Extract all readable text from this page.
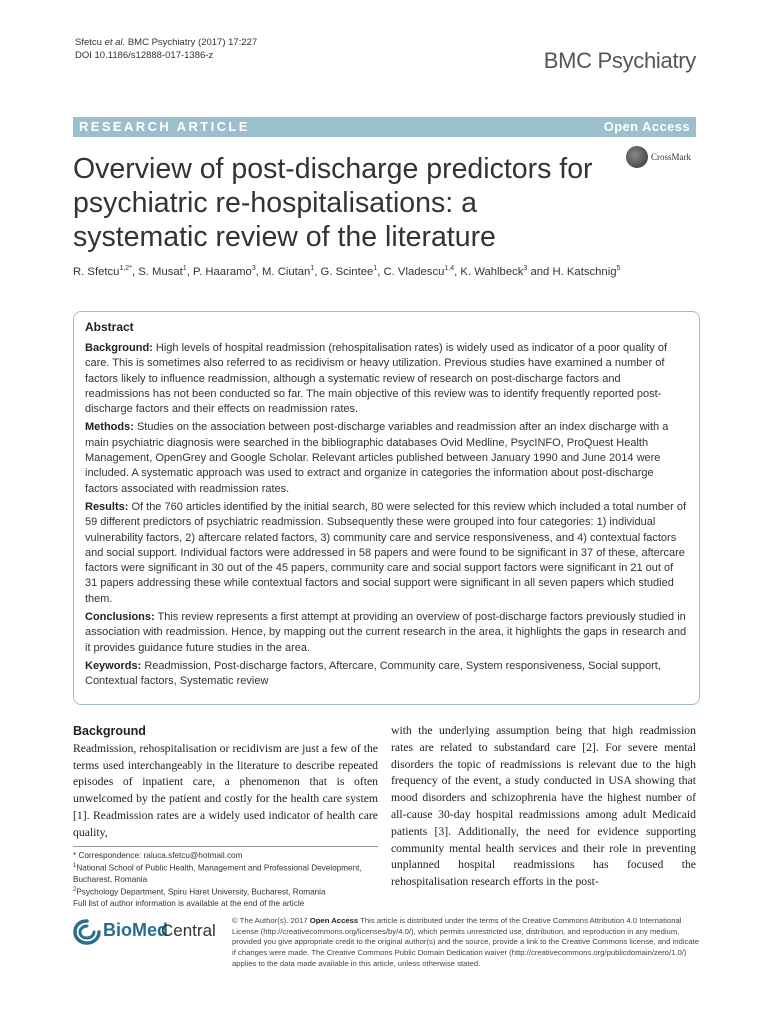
Sfetcu et al. BMC Psychiatry (2017) 17:227
DOI 10.1186/s12888-017-1386-z	BMC Psychiatry
RESEARCH ARTICLE	Open Access
Overview of post-discharge predictors for psychiatric re-hospitalisations: a systematic review of the literature
CrossMark
R. Sfetcu$^{1,2*}$, S. Musat$^1$, P. Haaramo$^3$, M. Ciutan$^1$, G. Scintee$^1$, C. Vladescu$^{1,4}$, K. Wahlbeck$^3$ and H. Katschnig$^5$
Abstract

Background: High levels of hospital readmission (rehospitalisation rates) is widely used as indicator of a poor quality of care. This is sometimes also referred to as recidivism or heavy utilization. Previous studies have examined a number of factors likely to influence readmission, although a systematic review of research on post-discharge factors and readmissions has not been conducted so far. The main objective of this review was to identify frequently reported post-discharge factors and their effects on readmission rates.

Methods: Studies on the association between post-discharge variables and readmission after an index discharge with a main psychiatric diagnosis were searched in the bibliographic databases Ovid Medline, PsycINFO, ProQuest Health Management, OpenGrey and Google Scholar. Relevant articles published between January 1990 and June 2014 were included. A systematic approach was used to extract and organize in categories the information about post-discharge factors associated with readmission rates.

Results: Of the 760 articles identified by the initial search, 80 were selected for this review which included a total number of 59 different predictors of psychiatric readmission. Subsequently these were grouped into four categories: 1) individual vulnerability factors, 2) aftercare related factors, 3) community care and service responsiveness, and 4) contextual factors and social support. Individual factors were addressed in 58 papers and were found to be significant in 37 of these, aftercare factors were significant in 30 out of the 45 papers, community care and social support factors were significant in 21 out of 31 papers addressing these while contextual factors and social support were significant in all seven papers which studied them.

Conclusions: This review represents a first attempt at providing an overview of post-discharge factors previously studied in association with readmission. Hence, by mapping out the current research in the area, it highlights the gaps in research and it provides guidance future studies in the area.

Keywords: Readmission, Post-discharge factors, Aftercare, Community care, System responsiveness, Social support, Contextual factors, Systematic review

Background
Readmission, rehospitalisation or recidivism are just a few of the terms used interchangeably in the literature to describe repeated episodes of inpatient care, a phenomenon that is often unwelcomed by the patient and costly for the health care system [1]. Readmission rates are a widely used indicator of health care quality,
with the underlying assumption being that high readmission rates are related to substandard care [2]. For severe mental disorders the topic of readmissions is relevant due to the high frequency of the event, a study conducted in USA showing that mood disorders and schizophrenia have the highest number of all-cause 30-day hospital readmissions among adult Medicaid patients [3]. Additionally, the need for evidence supporting community mental health services and their role in preventing unplanned hospital readmissions has focused the rehospitalisation research efforts in the post-
* Correspondence: raluca.sfetcu@hotmail.com
$^1$National School of Public Health, Management and Professional Development, Bucharest, Romania
$^2$Psychology Department, Spiru Haret University, Bucharest, Romania
Full list of author information is available at the end of the article
BioMed
Central
© The Author(s). 2017 Open Access This article is distributed under the terms of the Creative Commons Attribution 4.0 International License (http://creativecommons.org/licenses/by/4.0/), which permits unrestricted use, distribution, and reproduction in any medium, provided you give appropriate credit to the original author(s) and the source, provide a link to the Creative Commons license, and indicate if changes were made. The Creative Commons Public Domain Dedication waiver (http://creativecommons.org/publicdomain/zero/1.0/) applies to the data made available in this article, unless otherwise stated.
